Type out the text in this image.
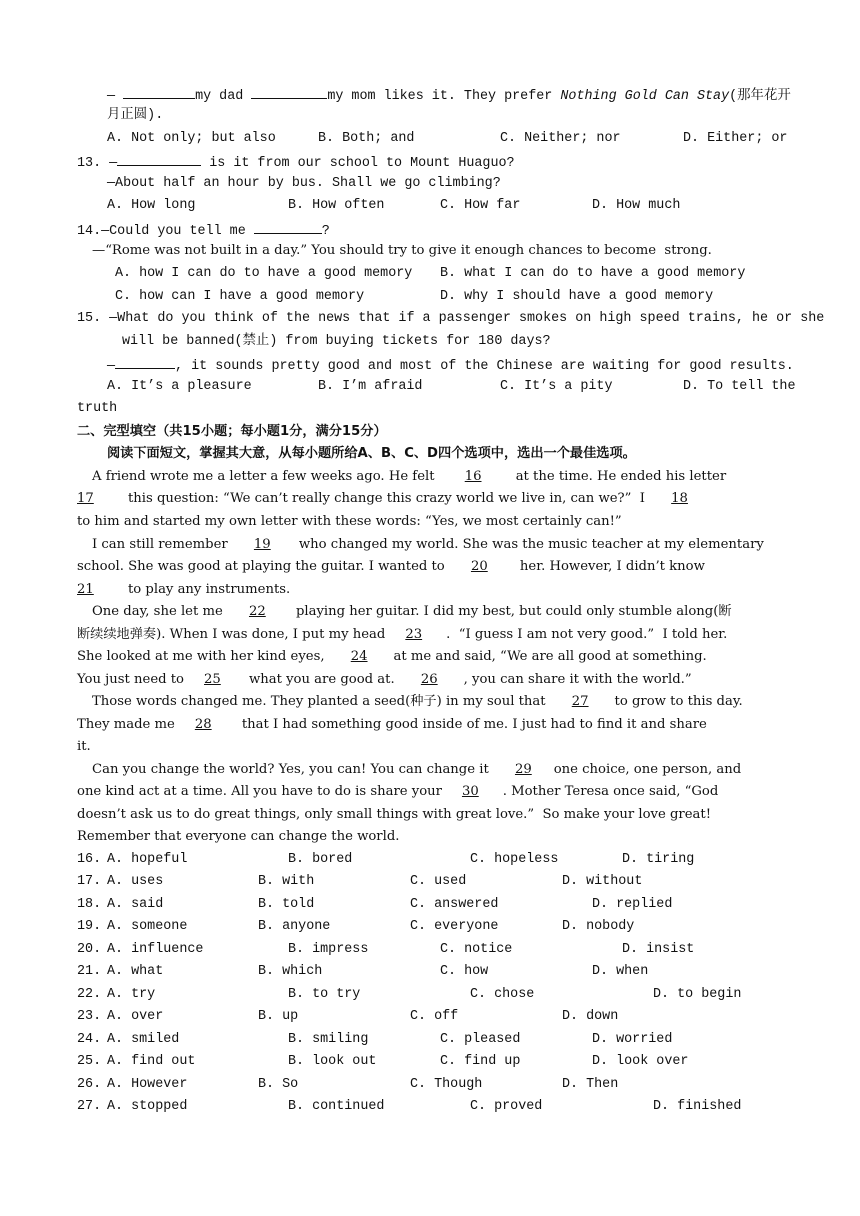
—	my dad	my mom likes it. They prefer Nothing Gold Can Stay(那年花开
月正圆).
A. Not only; but also	B. Both; and	C. Neither; nor	D. Either; or
13. —	is it from our school to Mount Huaguo?
—About half an hour by bus. Shall we go climbing?
A. How long	B. How often	C. How far	D. How much
14.—Could you tell me	?
—“Rome was not built in a day.” You should try to give it enough chances to become  strong.
A. how I can do to have a good memory B. what I can do to have a good memory
C. how can I have a good memory	D. why I should have a good memory
15. —What do you think of the news that if a passenger smokes on high speed trains, he or she
will be banned(禁止) from buying tickets for 180 days?
—	, it sounds pretty good and most of the Chinese are waiting for good results.
A. It’s a pleasure	B. I’m afraid	C. It’s a pity	D. To tell the
truth
二、完型填空（共15小题；每小题1分，满分15分）
阅读下面短文，掌握其大意，从每小题所给A、B、C、D四个选项中，选出一个最佳选项。
A friend wrote me a letter a few weeks ago. He felt 16 at the time. He ended his letter
17 this question: “We can’t really change this crazy world we live in, can we?”  I 18
to him and started my own letter with these words: “Yes, we most certainly can!”
I can still remember 19 who changed my world. She was the music teacher at my elementary
school. She was good at playing the guitar. I wanted to 20 her. However, I didn’t know
21 to play any instruments.
One day, she let me 22 playing her guitar. I did my best, but could only stumble along(断
断续续地弹奏). When I was done, I put my head 23 .  “I guess I am not very good.”  I told her.
She looked at me with her kind eyes, 24 at me and said, “We are all good at something.
You just need to 25 what you are good at. 26 , you can share it with the world.”
Those words changed me. They planted a seed(种子) in my soul that 27 to grow to this day.
They made me 28 that I had something good inside of me. I just had to find it and share
it.
Can you change the world? Yes, you can! You can change it 29 one choice, one person, and
one kind act at a time. All you have to do is share your 30 . Mother Teresa once said, “God
doesn’t ask us to do great things, only small things with great love.”  So make your love great!
Remember that everyone can change the world.
16. A. hopeful	B. bored	C. hopeless	D. tiring
17. A. uses	B. with	C. used	D. without
18. A. said	B. told	C. answered	D. replied
19. A. someone	B. anyone	C. everyone	D. nobody
20. A. influence	B. impress	C. notice	D. insist
21. A. what	B. which	C. how	D. when
22. A. try	B. to try	C. chose	D. to begin
23. A. over	B. up	C. off	D. down
24. A. smiled	B. smiling	C. pleased	D. worried
25. A. find out	B. look out	C. find up	D. look over
26. A. However	B. So	C. Though	D. Then
27. A. stopped	B. continued	C. proved	D. finished
